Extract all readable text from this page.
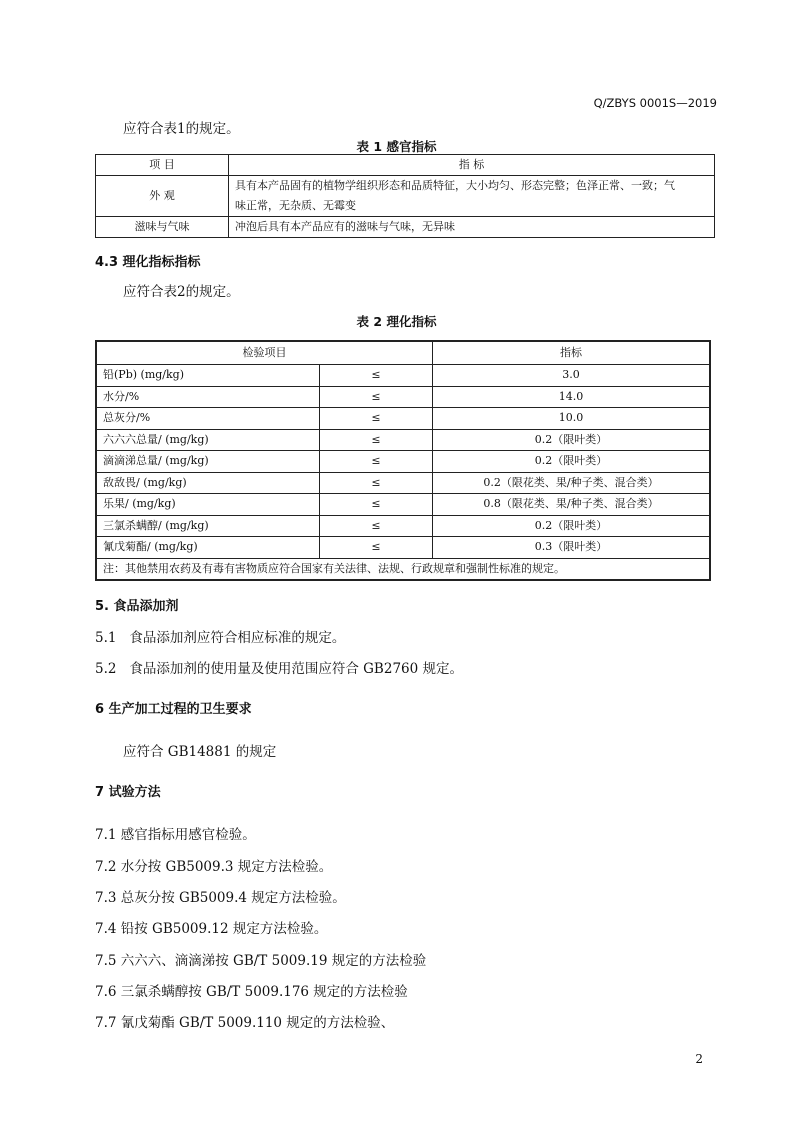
Q/ZBYS 0001S—2019
应符合表1的规定。
表 1 感官指标
项 目	指 标
外 观	具有本产品固有的植物学组织形态和品质特征，大小均匀、形态完整；色泽正常、一致；气
味正常，无杂质、无霉变

滋味与气味	冲泡后具有本产品应有的滋味与气味，无异味
4.3 理化指标指标
应符合表2的规定。
表 2 理化指标
检验项目		指标
铅(Pb) (mg/kg)	≤	3.0
水分/%	≤	14.0
总灰分/%	≤	10.0
六六六总量/ (mg/kg)	≤	0.2（限叶类）
滴滴涕总量/ (mg/kg)	≤	0.2（限叶类）
敌敌畏/ (mg/kg)	≤	0.2（限花类、果/种子类、混合类）
乐果/ (mg/kg)	≤	0.8（限花类、果/种子类、混合类）
三氯杀螨醇/ (mg/kg)	≤	0.2（限叶类）
氰戊菊酯/ (mg/kg)	≤	0.3（限叶类）
注：其他禁用农药及有毒有害物质应符合国家有关法律、法规、行政规章和强制性标准的规定。		
5. 食品添加剂
5.1 食品添加剂应符合相应标准的规定。
5.2 食品添加剂的使用量及使用范围应符合 GB2760 规定。
6 生产加工过程的卫生要求
应符合 GB14881 的规定
7 试验方法
7.1 感官指标用感官检验。
7.2 水分按 GB5009.3 规定方法检验。
7.3 总灰分按 GB5009.4 规定方法检验。
7.4 铅按 GB5009.12 规定方法检验。
7.5 六六六、滴滴涕按 GB/T 5009.19 规定的方法检验
7.6 三氯杀螨醇按 GB/T 5009.176 规定的方法检验
7.7 氰戊菊酯 GB/T 5009.110 规定的方法检验、
2
